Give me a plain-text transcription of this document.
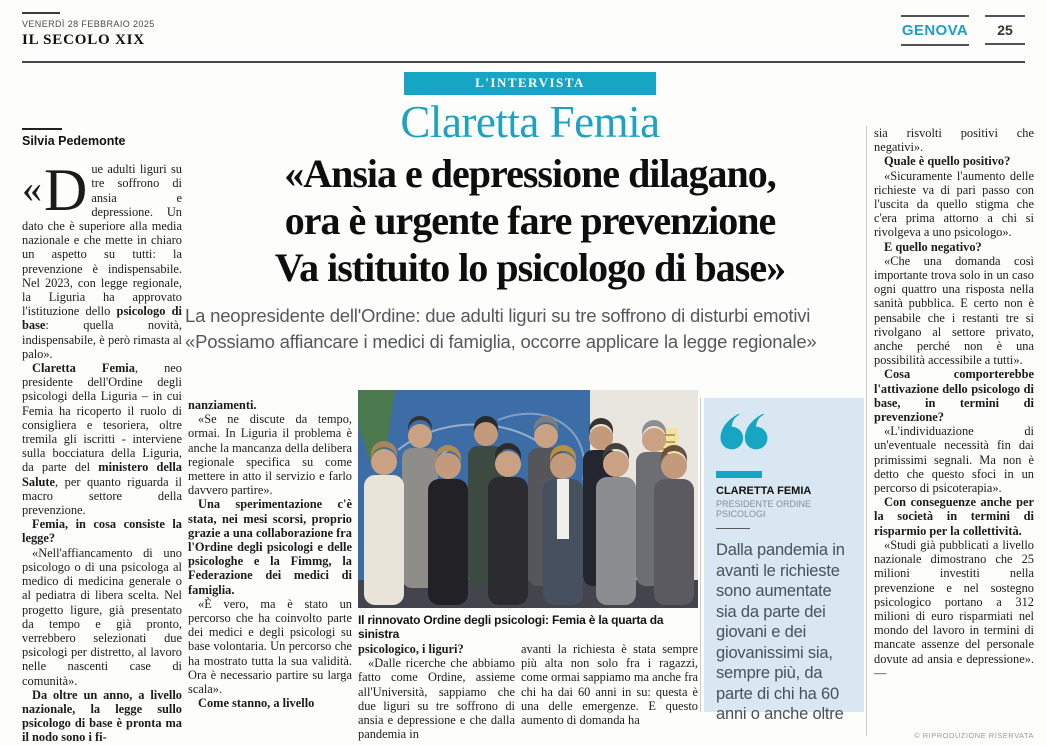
VENERDÌ 28 FEBBRAIO 2025
IL SECOLO XIX
GENOVA	25
L'INTERVISTA
Claretta Femia
«Ansia e depressione dilagano,
ora è urgente fare prevenzione
Va istituito lo psicologo di base»
La neopresidente dell'Ordine: due adulti liguri su tre soffrono di disturbi emotivi
«Possiamo affiancare i medici di famiglia, occorre applicare la legge regionale»
Silvia Pedemonte

« D ue adulti liguri su tre soffrono di ansia e depressione. Un dato che è superiore alla media nazionale e che mette in chiaro un aspetto su tutti: la prevenzione è indispensabile. Nel 2023, con legge regionale, la Liguria ha approvato l'istituzione dello psicologo di base: quella novità, indispensabile, è però rimasta al palo».

Claretta Femia, neo presidente dell'Ordine degli psicologi della Liguria – in cui Femia ha ricoperto il ruolo di consigliera e tesoriera, oltre tremila gli iscritti - interviene sulla bocciatura della Liguria, da parte del ministero della Salute, per quanto riguarda il macro settore della prevenzione.

Femia, in cosa consiste la legge?

«Nell'affiancamento di uno psicologo o di una psicologa al medico di medicina generale o al pediatra di libera scelta. Nel progetto ligure, già presentato da tempo e già pronto, verrebbero selezionati due psicologi per distretto, al lavoro nelle nascenti case di comunità».

Da oltre un anno, a livello nazionale, la legge sullo psicologo di base è pronta ma il nodo sono i fi-

nanziamenti.

«Se ne discute da tempo, ormai. In Liguria il problema è anche la mancanza della delibera regionale specifica su come mettere in atto il servizio e farlo davvero partire».

Una sperimentazione c'è stata, nei mesi scorsi, proprio grazie a una collaborazione fra l'Ordine degli psicologi e delle psicologhe e la Fimmg, la Federazione dei medici di famiglia.

«È vero, ma è stato un percorso che ha coinvolto parte dei medici e degli psicologi su base volontaria. Un percorso che ha mostrato tutta la sua validità. Ora è necessario partire su larga scala».

Come stanno, a livello

Il rinnovato Ordine degli psicologi: Femia è la quarta da sinistra

psicologico, i liguri?

«Dalle ricerche che abbiamo fatto come Ordine, assieme all'Università, sappiamo che due liguri su tre soffrono di ansia e depressione e che dalla pandemia in

avanti la richiesta è stata sempre più alta non solo fra i ragazzi, come ormai sappiamo ma anche fra chi ha dai 60 anni in su: questa è una delle emergenze. E questo aumento di domanda ha

CLARETTA FEMIA
PRESIDENTE ORDINE PSICOLOGI
Dalla pandemia in avanti le richieste sono aumentate sia da parte dei giovani e dei giovanissimi sia, sempre più, da parte di chi ha 60 anni o anche oltre

sia risvolti positivi che negativi».

Quale è quello positivo?

«Sicuramente l'aumento delle richieste va di pari passo con l'uscita da quello stigma che c'era prima attorno a chi si rivolgeva a uno psicologo».

E quello negativo?

«Che una domanda così importante trova solo in un caso ogni quattro una risposta nella sanità pubblica. E certo non è pensabile che i restanti tre si rivolgano al settore privato, anche perché non è una possibilità accessibile a tutti».

Cosa comporterebbe l'attivazione dello psicologo di base, in termini di prevenzione?

«L'individuazione di un'eventuale necessità fin dai primissimi segnali. Ma non è detto che questo sfoci in un percorso di psicoterapia».

Con conseguenze anche per la società in termini di risparmio per la collettività.

«Studi già pubblicati a livello nazionale dimostrano che 25 milioni investiti nella prevenzione e nel sostegno psicologico portano a 312 milioni di euro risparmiati nel mondo del lavoro in termini di mancate assenze del personale dovute ad ansia e depressione». —

© RIPRODUZIONE RISERVATA
